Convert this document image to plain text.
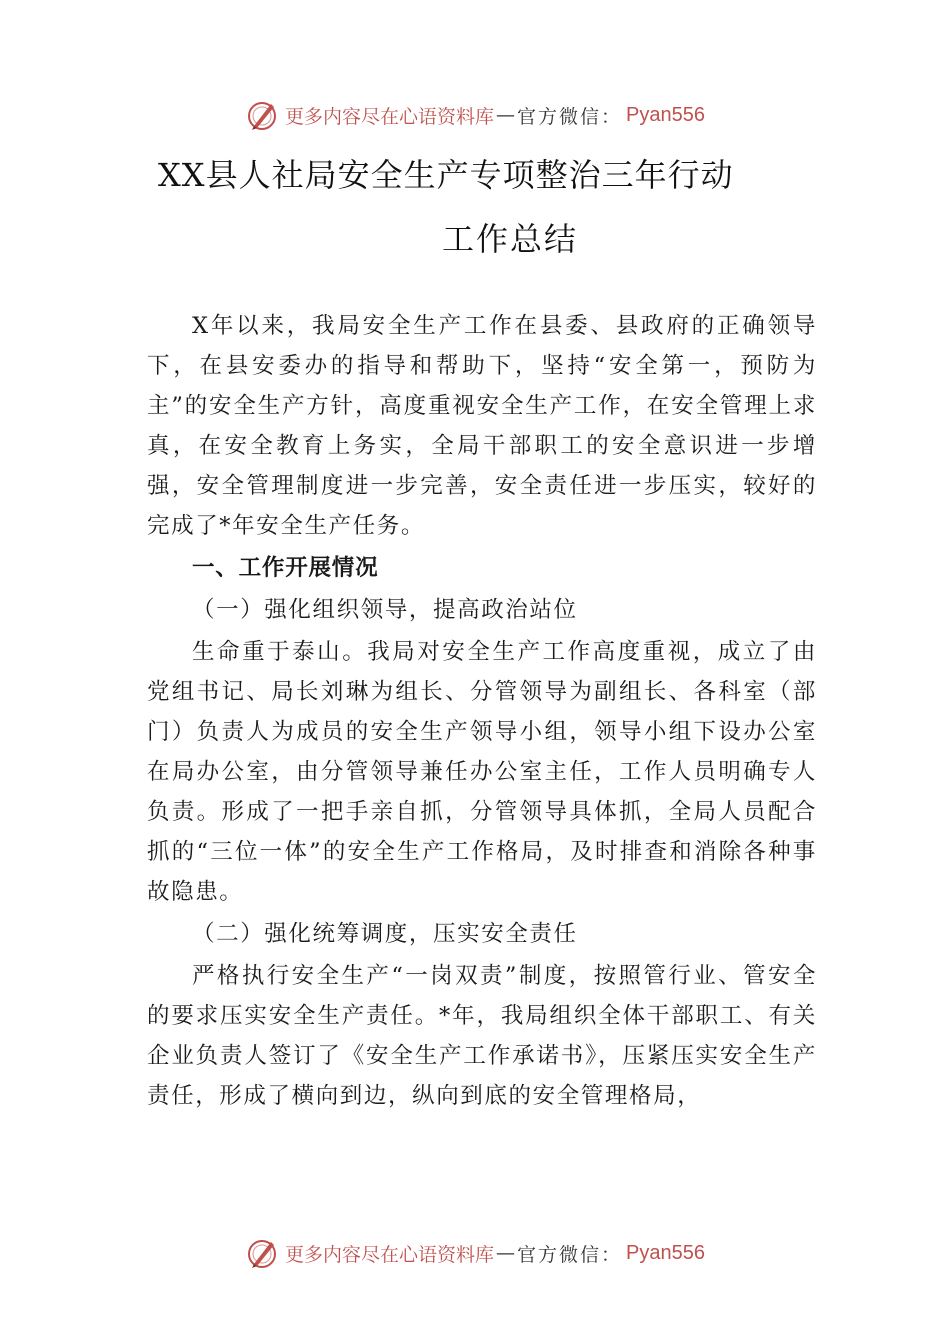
更多内容尽在心语资料库 — 官方微信： Pyan556
XX县人社局安全生产专项整治三年行动
工作总结

X年以来，我局安全生产工作在县委、县政府的正确领导下，在县安委办的指导和帮助下，坚持“安全第一，预防为主”的安全生产方针，高度重视安全生产工作，在安全管理上求真，在安全教育上务实，全局干部职工的安全意识进一步增强，安全管理制度进一步完善，安全责任进一步压实，较好的完成了*年安全生产任务。

一、工作开展情况
（一）强化组织领导，提高政治站位

生命重于泰山。我局对安全生产工作高度重视，成立了由党组书记、局长刘琳为组长、分管领导为副组长、各科室（部门）负责人为成员的安全生产领导小组，领导小组下设办公室在局办公室，由分管领导兼任办公室主任，工作人员明确专人负责。形成了一把手亲自抓，分管领导具体抓，全局人员配合抓的“三位一体”的安全生产工作格局，及时排查和消除各种事故隐患。

（二）强化统筹调度，压实安全责任

严格执行安全生产“一岗双责”制度，按照管行业、管安全的要求压实安全生产责任。*年，我局组织全体干部职工、有关企业负责人签订了《安全生产工作承诺书》，压紧压实安全生产责任，形成了横向到边，纵向到底的安全管理格局，

更多内容尽在心语资料库 — 官方微信： Pyan556
